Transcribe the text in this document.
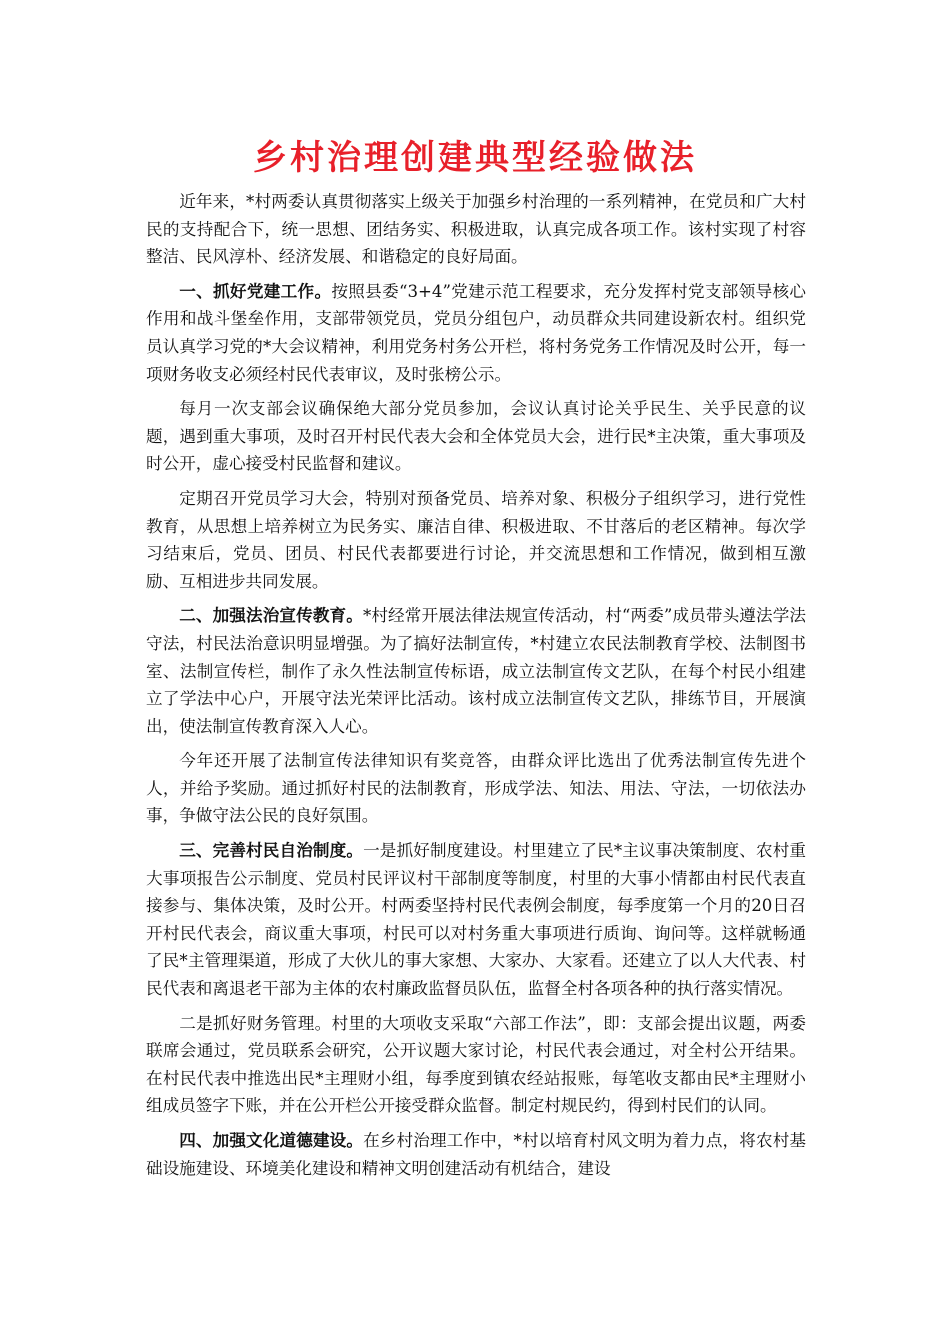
乡村治理创建典型经验做法

近年来，*村两委认真贯彻落实上级关于加强乡村治理的一系列精神，在党员和广大村民的支持配合下，统一思想、团结务实、积极进取，认真完成各项工作。该村实现了村容整洁、民风淳朴、经济发展、和谐稳定的良好局面。

一、抓好党建工作。按照县委“3+4”党建示范工程要求，充分发挥村党支部领导核心作用和战斗堡垒作用，支部带领党员，党员分组包户，动员群众共同建设新农村。组织党员认真学习党的*大会议精神，利用党务村务公开栏，将村务党务工作情况及时公开，每一项财务收支必须经村民代表审议，及时张榜公示。

每月一次支部会议确保绝大部分党员参加，会议认真讨论关乎民生、关乎民意的议题，遇到重大事项，及时召开村民代表大会和全体党员大会，进行民*主决策，重大事项及时公开，虚心接受村民监督和建议。

定期召开党员学习大会，特别对预备党员、培养对象、积极分子组织学习，进行党性教育，从思想上培养树立为民务实、廉洁自律、积极进取、不甘落后的老区精神。每次学习结束后，党员、团员、村民代表都要进行讨论，并交流思想和工作情况，做到相互激励、互相进步共同发展。

二、加强法治宣传教育。*村经常开展法律法规宣传活动，村“两委”成员带头遵法学法守法，村民法治意识明显增强。为了搞好法制宣传，*村建立农民法制教育学校、法制图书室、法制宣传栏，制作了永久性法制宣传标语，成立法制宣传文艺队，在每个村民小组建立了学法中心户，开展守法光荣评比活动。该村成立法制宣传文艺队，排练节目，开展演出，使法制宣传教育深入人心。

今年还开展了法制宣传法律知识有奖竞答，由群众评比选出了优秀法制宣传先进个人，并给予奖励。通过抓好村民的法制教育，形成学法、知法、用法、守法，一切依法办事，争做守法公民的良好氛围。

三、完善村民自治制度。一是抓好制度建设。村里建立了民*主议事决策制度、农村重大事项报告公示制度、党员村民评议村干部制度等制度，村里的大事小情都由村民代表直接参与、集体决策，及时公开。村两委坚持村民代表例会制度，每季度第一个月的20日召开村民代表会，商议重大事项，村民可以对村务重大事项进行质询、询问等。这样就畅通了民*主管理渠道，形成了大伙儿的事大家想、大家办、大家看。还建立了以人大代表、村民代表和离退老干部为主体的农村廉政监督员队伍，监督全村各项各种的执行落实情况。

二是抓好财务管理。村里的大项收支采取“六部工作法”，即：支部会提出议题，两委联席会通过，党员联系会研究，公开议题大家讨论，村民代表会通过，对全村公开结果。在村民代表中推选出民*主理财小组，每季度到镇农经站报账，每笔收支都由民*主理财小组成员签字下账，并在公开栏公开接受群众监督。制定村规民约，得到村民们的认同。

四、加强文化道德建设。在乡村治理工作中，*村以培育村风文明为着力点，将农村基础设施建设、环境美化建设和精神文明创建活动有机结合，建设
